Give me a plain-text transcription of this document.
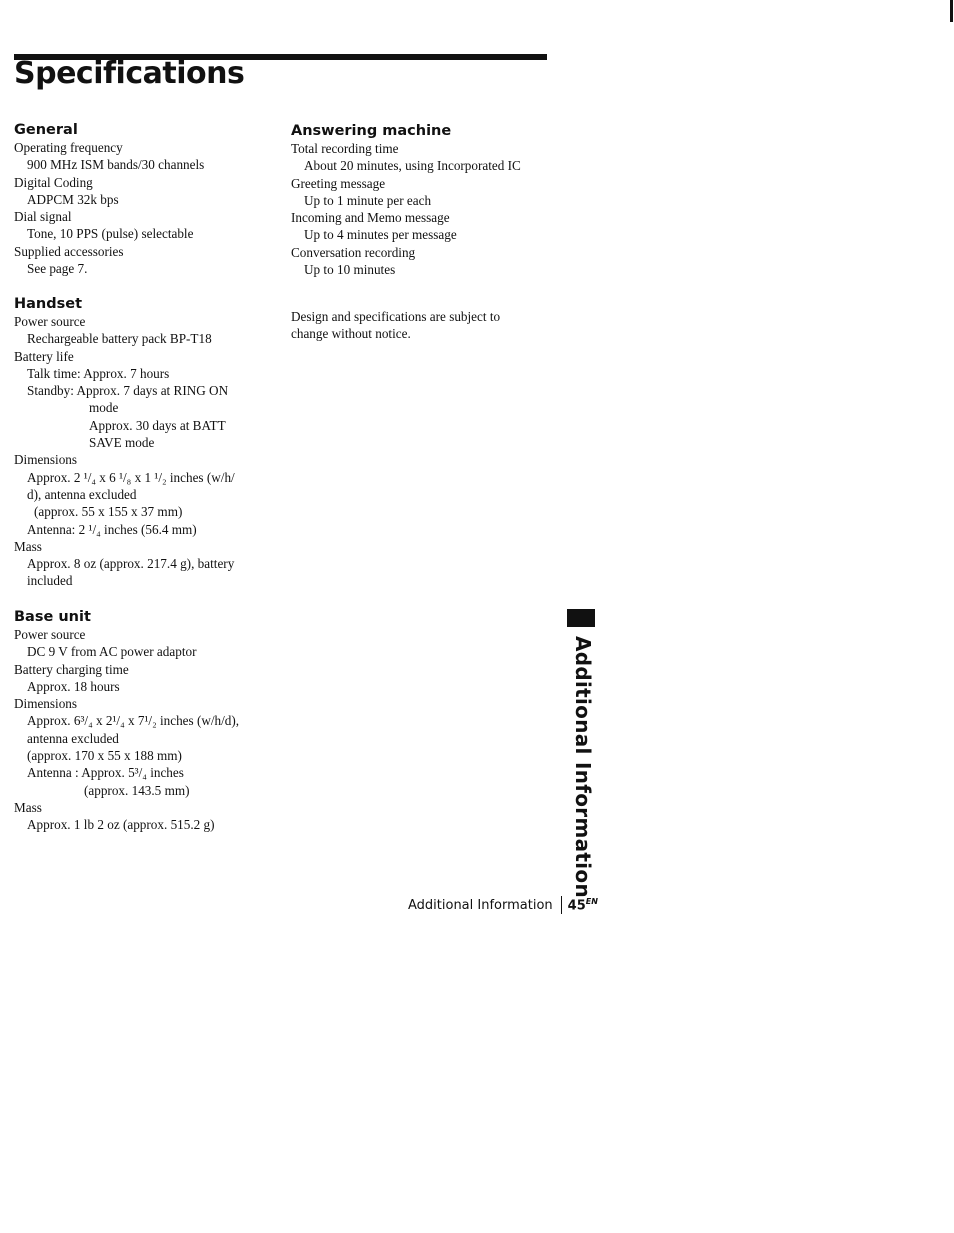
Specifications
General
Operating frequency
900 MHz ISM bands/30 channels
Digital Coding
ADPCM 32k bps
Dial signal
Tone, 10 PPS (pulse) selectable
Supplied accessories
See page 7.
Handset
Power source
Rechargeable battery pack BP-T18
Battery life
Talk time: Approx. 7 hours
Standby: Approx. 7 days at RING ON
mode
Approx. 30 days at BATT
SAVE mode
Dimensions
Approx. 2 ¹/₄ x 6 ¹/₈ x 1 ¹/₂ inches (w/h/
d), antenna excluded
(approx. 55 x 155 x 37 mm)
Antenna: 2 ¹/₄ inches (56.4 mm)
Mass
Approx. 8 oz (approx. 217.4 g), battery
included
Base unit
Power source
DC 9 V from AC power adaptor
Battery charging time
Approx. 18 hours
Dimensions
Approx. 6³/₄ x 2¹/₄ x 7¹/₂ inches (w/h/d),
antenna excluded
(approx. 170 x 55 x 188 mm)
Antenna : Approx. 5³/₄ inches
(approx. 143.5 mm)
Mass
Approx. 1 lb 2 oz (approx. 515.2 g)
Answering machine
Total recording time
About 20 minutes, using Incorporated IC
Greeting message
Up to 1 minute per each
Incoming and Memo message
Up to 4 minutes per message
Conversation recording
Up to 10 minutes

Design and specifications are subject to

change without notice.

Additional Information
Additional Information $45^{EN}$
